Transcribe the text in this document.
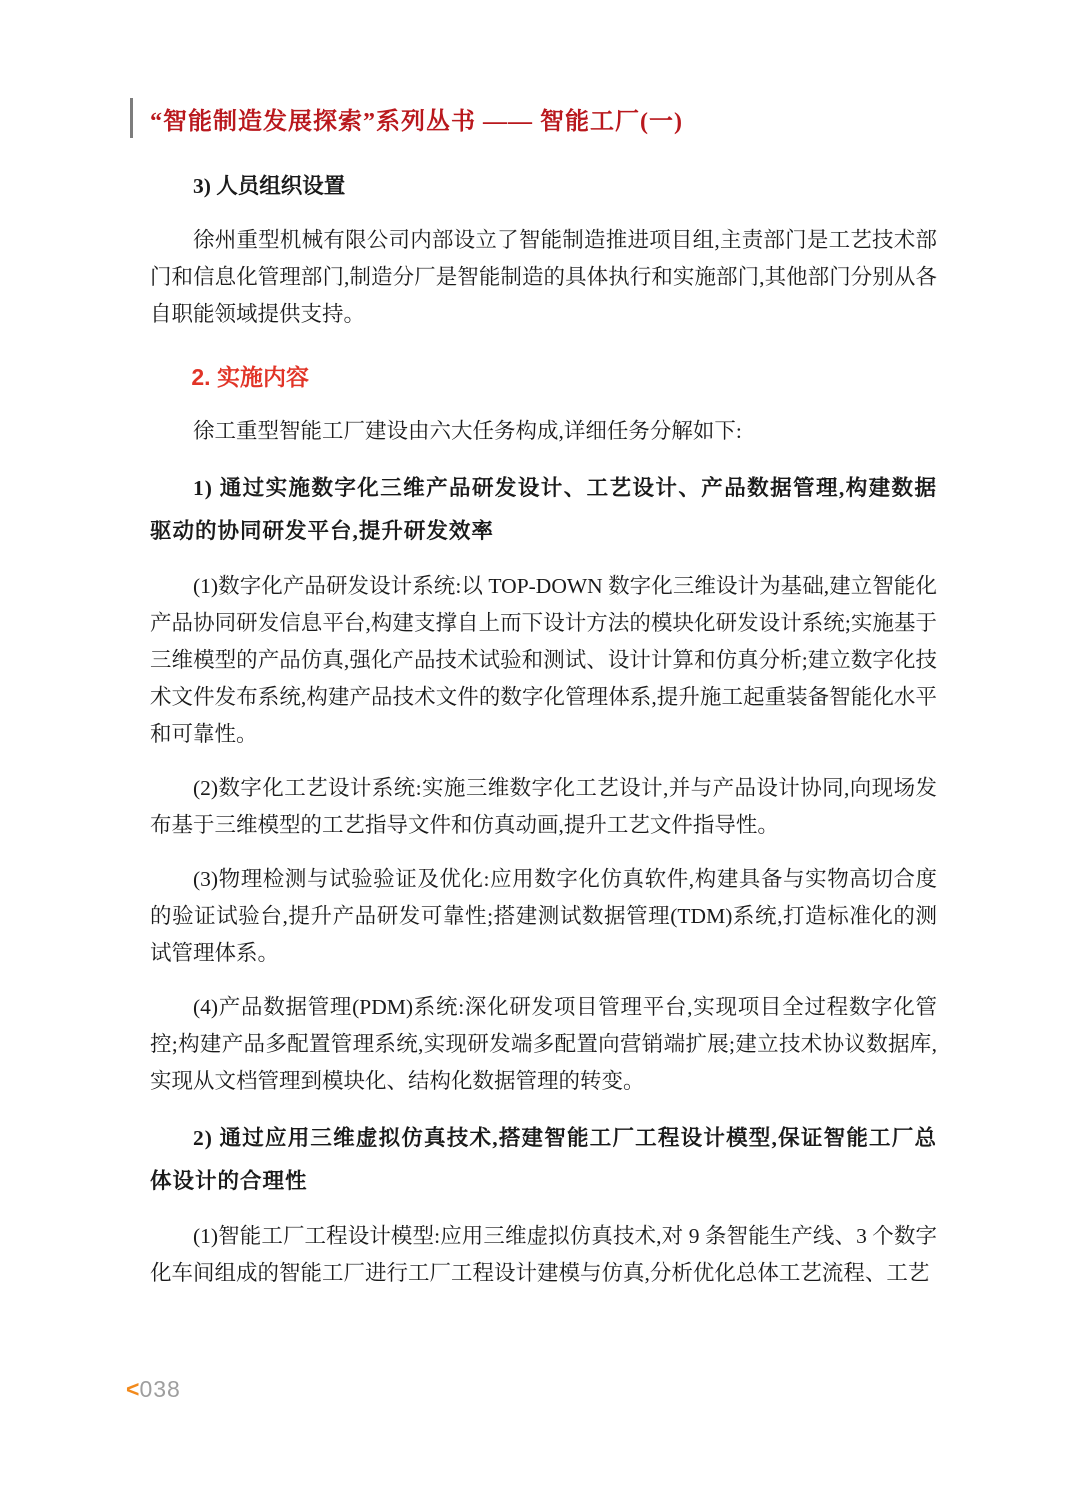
“智能制造发展探索”系列丛书 —— 智能工厂(一)
3) 人员组织设置

徐州重型机械有限公司内部设立了智能制造推进项目组,主责部门是工艺技术部门和信息化管理部门,制造分厂是智能制造的具体执行和实施部门,其他部门分别从各自职能领域提供支持。

2. 实施内容

徐工重型智能工厂建设由六大任务构成,详细任务分解如下:

1) 通过实施数字化三维产品研发设计、工艺设计、产品数据管理,构建数据驱动的协同研发平台,提升研发效率

(1)数字化产品研发设计系统:以 TOP-DOWN 数字化三维设计为基础,建立智能化产品协同研发信息平台,构建支撑自上而下设计方法的模块化研发设计系统;实施基于三维模型的产品仿真,强化产品技术试验和测试、设计计算和仿真分析;建立数字化技术文件发布系统,构建产品技术文件的数字化管理体系,提升施工起重装备智能化水平和可靠性。

(2)数字化工艺设计系统:实施三维数字化工艺设计,并与产品设计协同,向现场发布基于三维模型的工艺指导文件和仿真动画,提升工艺文件指导性。

(3)物理检测与试验验证及优化:应用数字化仿真软件,构建具备与实物高切合度的验证试验台,提升产品研发可靠性;搭建测试数据管理(TDM)系统,打造标准化的测试管理体系。

(4)产品数据管理(PDM)系统:深化研发项目管理平台,实现项目全过程数字化管控;构建产品多配置管理系统,实现研发端多配置向营销端扩展;建立技术协议数据库,实现从文档管理到模块化、结构化数据管理的转变。

2) 通过应用三维虚拟仿真技术,搭建智能工厂工程设计模型,保证智能工厂总体设计的合理性

(1)智能工厂工程设计模型:应用三维虚拟仿真技术,对 9 条智能生产线、3 个数字化车间组成的智能工厂进行工厂工程设计建模与仿真,分析优化总体工艺流程、工艺

<038
